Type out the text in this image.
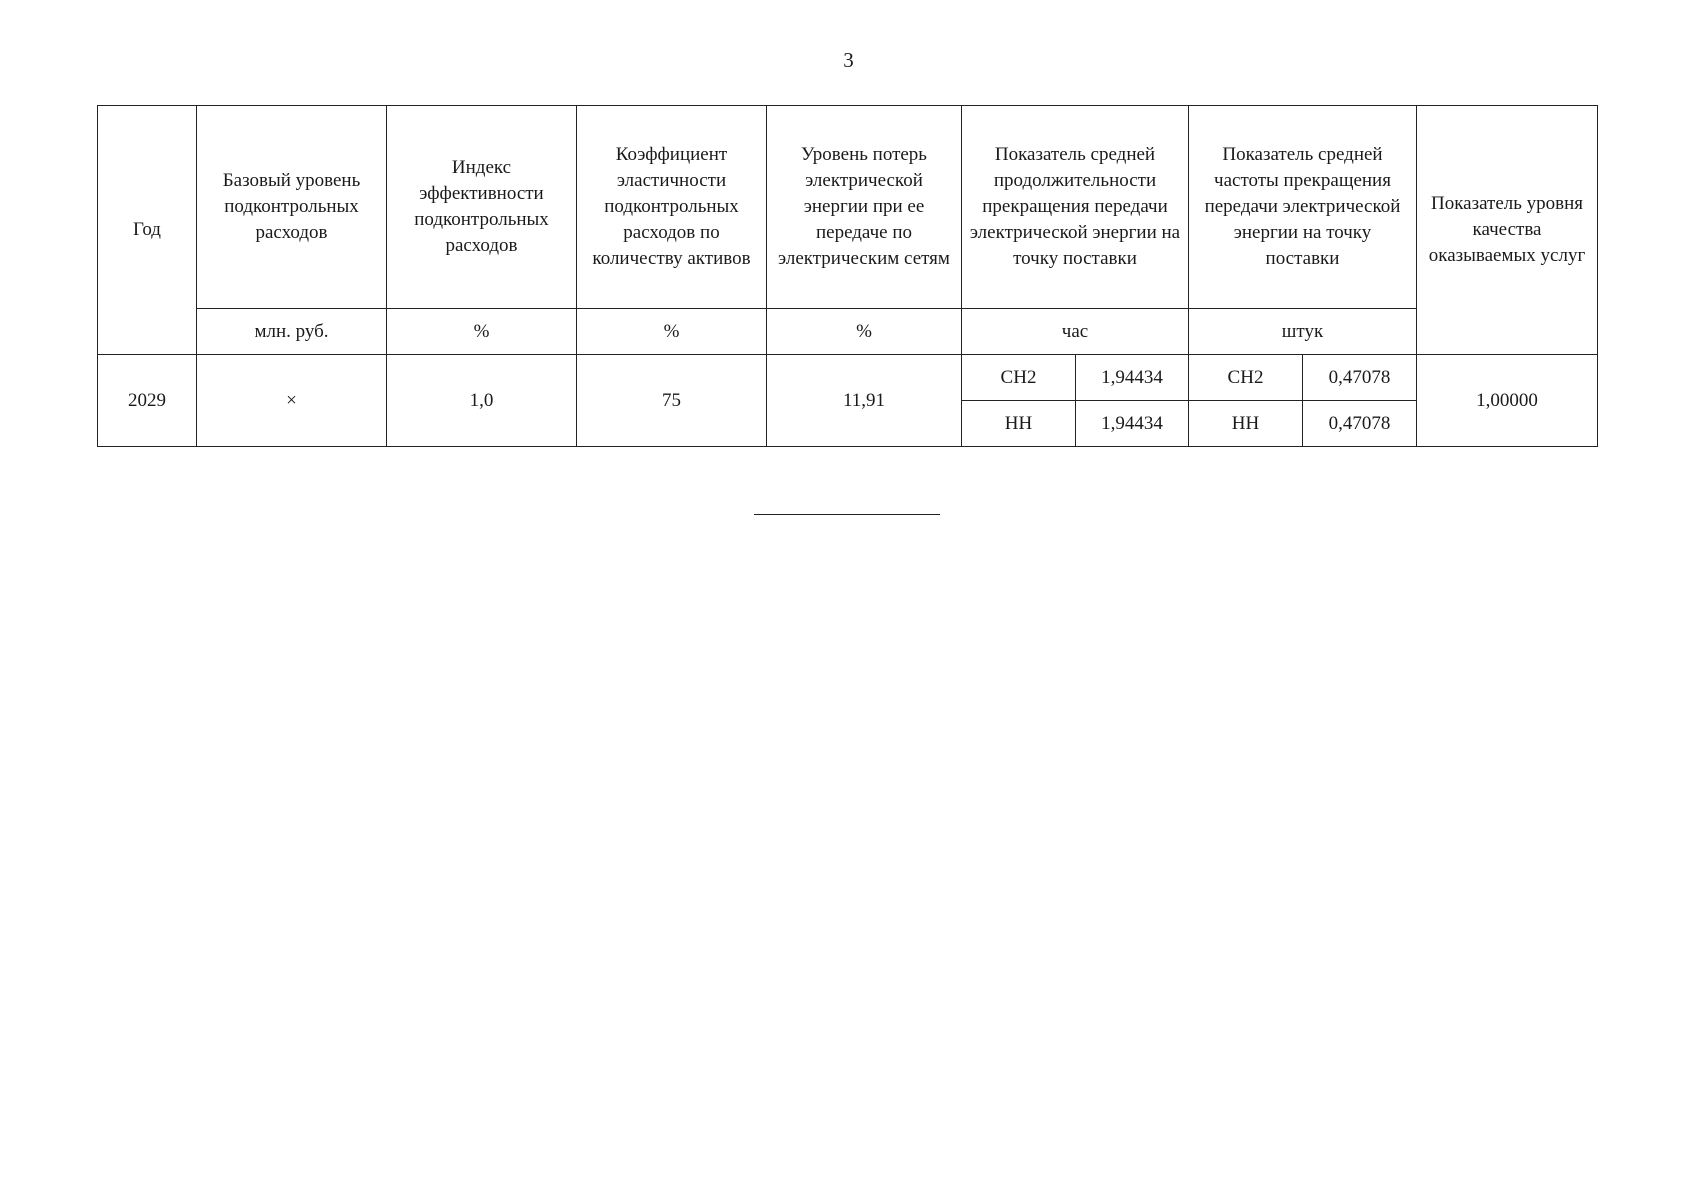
3
Год	Базовый уровень подконтрольных расходов	Индекс эффективности подконтрольных расходов	Коэффициент эластичности подконтрольных расходов по количеству активов	Уровень потерь электрической энергии при ее передаче по электрическим сетям	Показатель средней продолжительности прекращения передачи электрической энергии на точку поставки		Показатель средней частоты прекращения передачи электрической энергии на точку поставки		Показатель уровня качества оказываемых услуг
	млн. руб.	%	%	%	час		штук		
2029	×	1,0	75	11,91	СН2	1,94434	СН2	0,47078	1,00000
					НН	1,94434	НН	0,47078	
